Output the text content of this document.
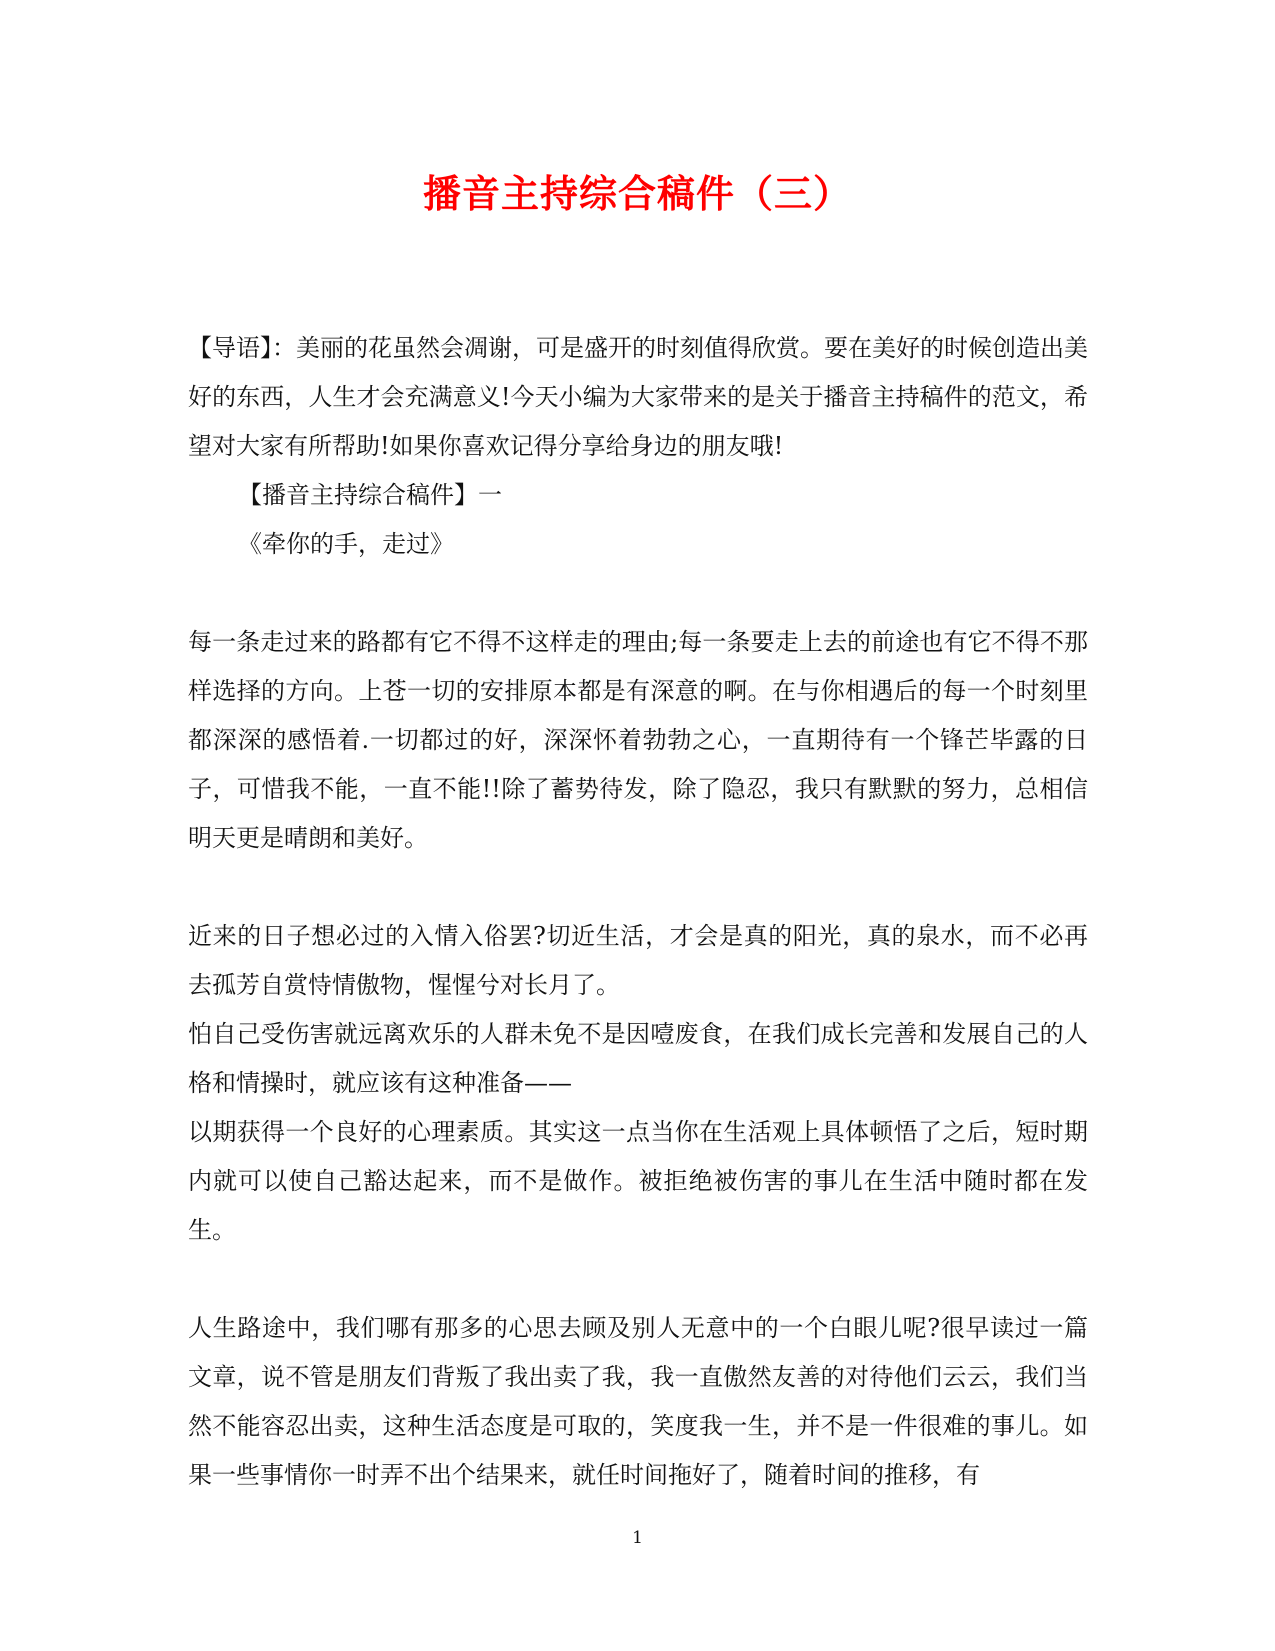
播音主持综合稿件（三）

【导语】：美丽的花虽然会凋谢，可是盛开的时刻值得欣赏。要在美好的时候创造出美好的东西，人生才会充满意义!今天小编为大家带来的是关于播音主持稿件的范文，希望对大家有所帮助!如果你喜欢记得分享给身边的朋友哦!

【播音主持综合稿件】一

《牵你的手，走过》

每一条走过来的路都有它不得不这样走的理由;每一条要走上去的前途也有它不得不那样选择的方向。上苍一切的安排原本都是有深意的啊。在与你相遇后的每一个时刻里都深深的感悟着.一切都过的好，深深怀着勃勃之心，一直期待有一个锋芒毕露的日子，可惜我不能，一直不能!!除了蓄势待发，除了隐忍，我只有默默的努力，总相信明天更是晴朗和美好。

近来的日子想必过的入情入俗罢?切近生活，才会是真的阳光，真的泉水，而不必再去孤芳自赏恃情傲物，惺惺兮对长月了。

怕自己受伤害就远离欢乐的人群未免不是因噎废食，在我们成长完善和发展自己的人格和情操时，就应该有这种准备——

以期获得一个良好的心理素质。其实这一点当你在生活观上具体顿悟了之后，短时期内就可以使自己豁达起来，而不是做作。被拒绝被伤害的事儿在生活中随时都在发生。

人生路途中，我们哪有那多的心思去顾及别人无意中的一个白眼儿呢?很早读过一篇文章，说不管是朋友们背叛了我出卖了我，我一直傲然友善的对待他们云云，我们当然不能容忍出卖，这种生活态度是可取的，笑度我一生，并不是一件很难的事儿。如果一些事情你一时弄不出个结果来，就任时间拖好了，随着时间的推移，有

1
